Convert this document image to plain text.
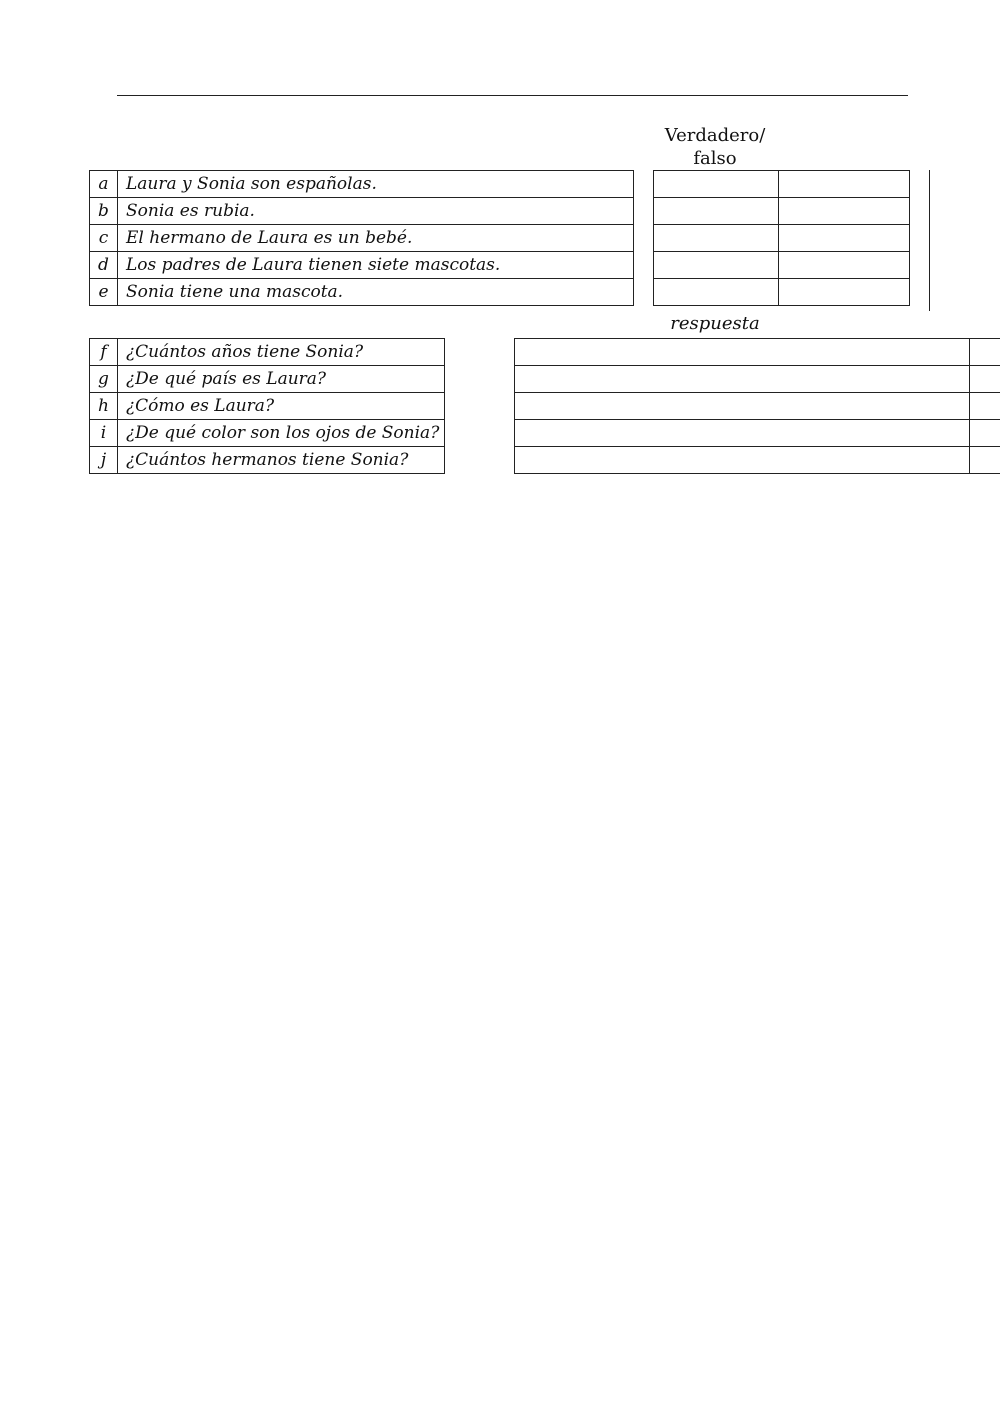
Verdadero/ falso
a	Laura y Sonia son españolas.
b	Sonia es rubia.
c	El hermano de Laura es un bebé.
d	Los padres de Laura tienen siete mascotas.
e	Sonia tiene una mascota.

respuesta
f	¿Cuántos años tiene Sonia?
g	¿De qué país es Laura?
h	¿Cómo es Laura?
i	¿De qué color son los ojos de Sonia?
j	¿Cuántos hermanos tiene Sonia?
